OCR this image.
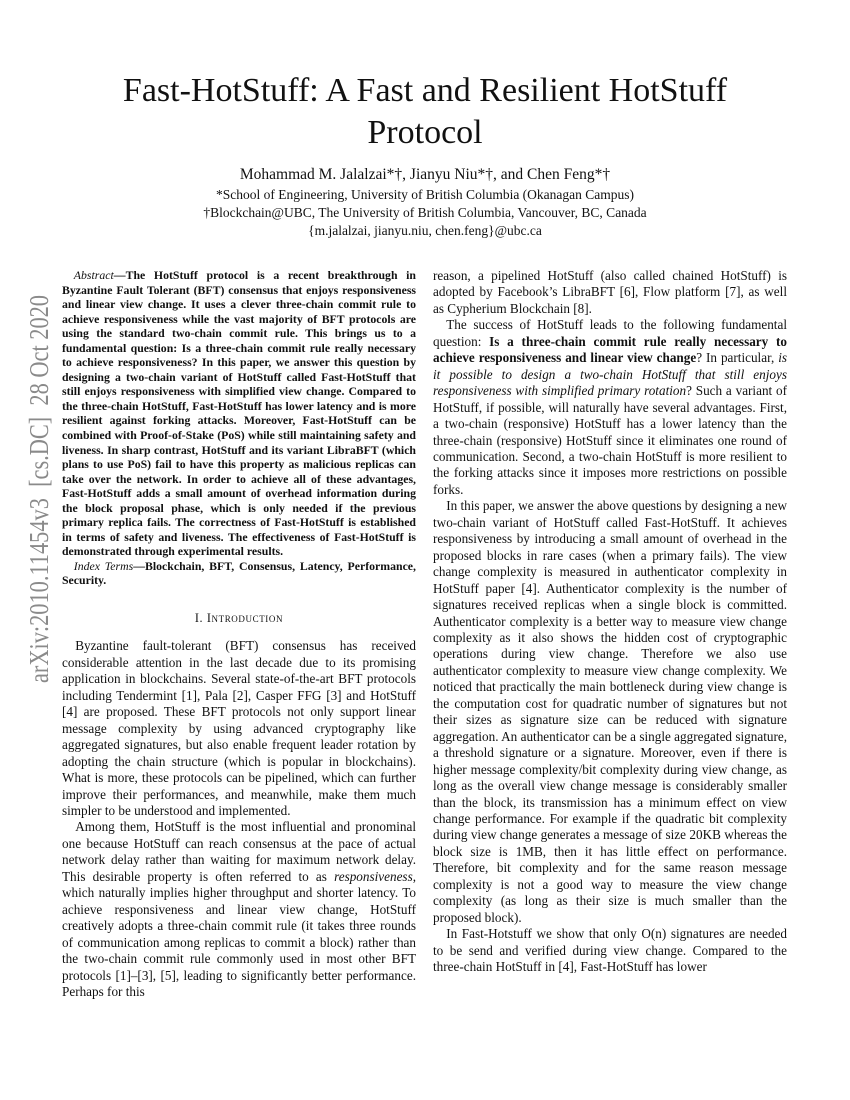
arXiv:2010.11454v3  [cs.DC]  28 Oct 2020
Fast-HotStuff: A Fast and Resilient HotStuff Protocol
Mohammad M. Jalalzai*†, Jianyu Niu*†, and Chen Feng*†
*School of Engineering, University of British Columbia (Okanagan Campus)
†Blockchain@UBC, The University of British Columbia, Vancouver, BC, Canada
{m.jalalzai, jianyu.niu, chen.feng}@ubc.ca

Abstract—The HotStuff protocol is a recent breakthrough in Byzantine Fault Tolerant (BFT) consensus that enjoys responsiveness and linear view change. It uses a clever three-chain commit rule to achieve responsiveness while the vast majority of BFT protocols are using the standard two-chain commit rule. This brings us to a fundamental question: Is a three-chain commit rule really necessary to achieve responsiveness? In this paper, we answer this question by designing a two-chain variant of HotStuff called Fast-HotStuff that still enjoys responsiveness with simplified view change. Compared to the three-chain HotStuff, Fast-HotStuff has lower latency and is more resilient against forking attacks. Moreover, Fast-HotStuff can be combined with Proof-of-Stake (PoS) while still maintaining safety and liveness. In sharp contrast, HotStuff and its variant LibraBFT (which plans to use PoS) fail to have this property as malicious replicas can take over the network. In order to achieve all of these advantages, Fast-HotStuff adds a small amount of overhead information during the block proposal phase, which is only needed if the previous primary replica fails. The correctness of Fast-HotStuff is established in terms of safety and liveness. The effectiveness of Fast-HotStuff is demonstrated through experimental results.

Index Terms—Blockchain, BFT, Consensus, Latency, Performance, Security.

I. Introduction

Byzantine fault-tolerant (BFT) consensus has received considerable attention in the last decade due to its promising application in blockchains. Several state-of-the-art BFT protocols including Tendermint [1], Pala [2], Casper FFG [3] and HotStuff [4] are proposed. These BFT protocols not only support linear message complexity by using advanced cryptography like aggregated signatures, but also enable frequent leader rotation by adopting the chain structure (which is popular in blockchains). What is more, these protocols can be pipelined, which can further improve their performances, and meanwhile, make them much simpler to be understood and implemented.

Among them, HotStuff is the most influential and pronominal one because HotStuff can reach consensus at the pace of actual network delay rather than waiting for maximum network delay. This desirable property is often referred to as responsiveness, which naturally implies higher throughput and shorter latency. To achieve responsiveness and linear view change, HotStuff creatively adopts a three-chain commit rule (it takes three rounds of communication among replicas to commit a block) rather than the two-chain commit rule commonly used in most other BFT protocols [1]–[3], [5], leading to significantly better performance. Perhaps for this

reason, a pipelined HotStuff (also called chained HotStuff) is adopted by Facebook’s LibraBFT [6], Flow platform [7], as well as Cypherium Blockchain [8].

The success of HotStuff leads to the following fundamental question: Is a three-chain commit rule really necessary to achieve responsiveness and linear view change? In particular, is it possible to design a two-chain HotStuff that still enjoys responsiveness with simplified primary rotation? Such a variant of HotStuff, if possible, will naturally have several advantages. First, a two-chain (responsive) HotStuff has a lower latency than the three-chain (responsive) HotStuff since it eliminates one round of communication. Second, a two-chain HotStuff is more resilient to the forking attacks since it imposes more restrictions on possible forks.

In this paper, we answer the above questions by designing a new two-chain variant of HotStuff called Fast-HotStuff. It achieves responsiveness by introducing a small amount of overhead in the proposed blocks in rare cases (when a primary fails). The view change complexity is measured in authenticator complexity in HotStuff paper [4]. Authenticator complexity is the number of signatures received replicas when a single block is committed. Authenticator complexity is a better way to measure view change complexity as it also shows the hidden cost of cryptographic operations during view change. Therefore we also use authenticator complexity to measure view change complexity. We noticed that practically the main bottleneck during view change is the computation cost for quadratic number of signatures but not their sizes as signature size can be reduced with signature aggregation. An authenticator can be a single aggregated signature, a threshold signature or a signature. Moreover, even if there is higher message complexity/bit complexity during view change, as long as the overall view change message is considerably smaller than the block, its transmission has a minimum effect on view change performance. For example if the quadratic bit complexity during view change generates a message of size 20KB whereas the block size is 1MB, then it has little effect on performance. Therefore, bit complexity and for the same reason message complexity is not a good way to measure the view change complexity (as long as their size is much smaller than the proposed block).

In Fast-Hotstuff we show that only O(n) signatures are needed to be send and verified during view change. Compared to the three-chain HotStuff in [4], Fast-HotStuff has lower
